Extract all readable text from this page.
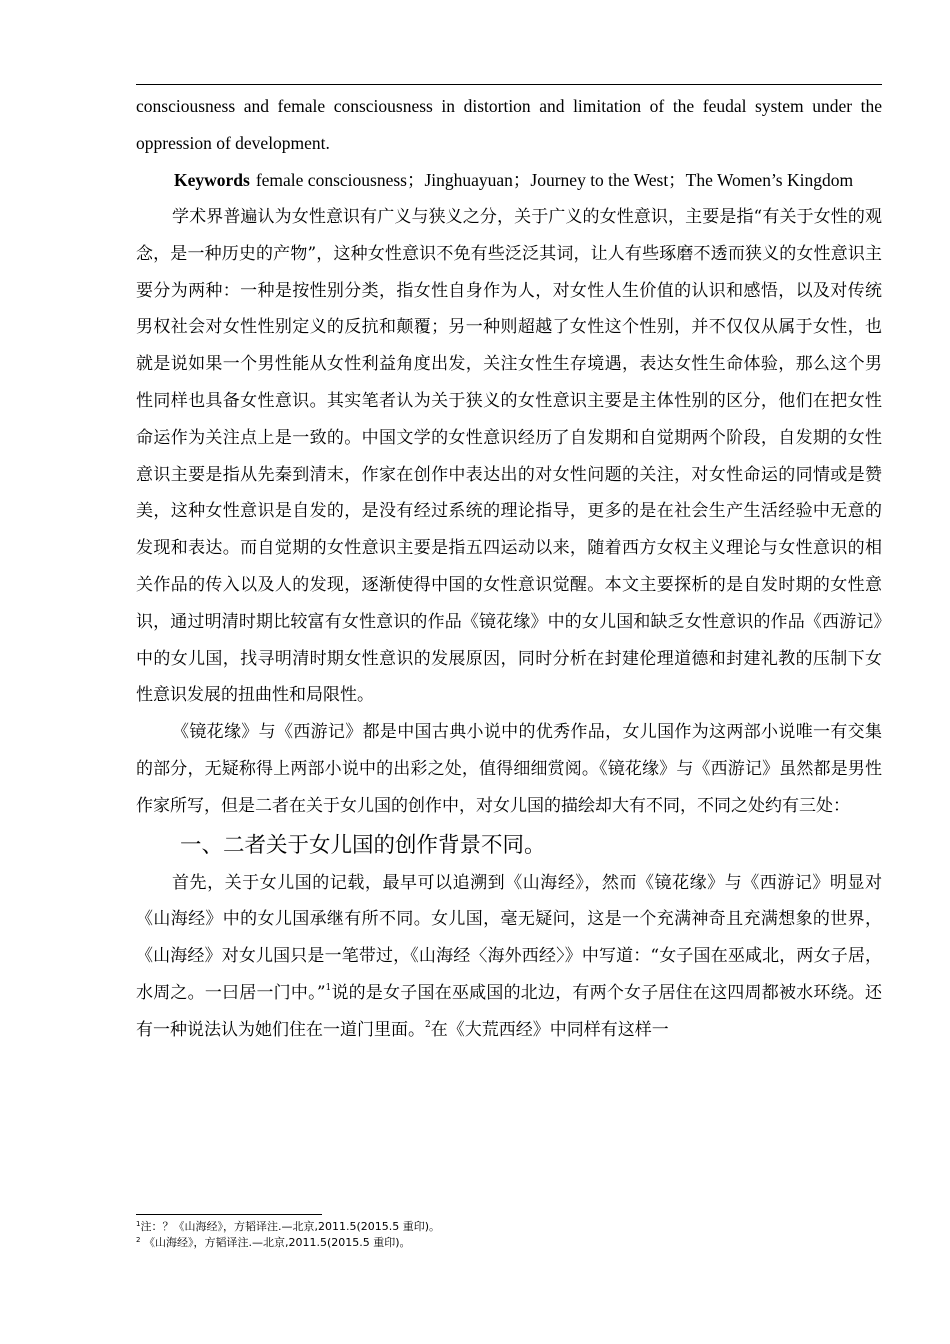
consciousness and female consciousness in distortion and limitation of the feudal system under the oppression of development.

Keywords female consciousness；Jinghuayuan；Journey to the West；The Women’s Kingdom

学术界普遍认为女性意识有广义与狭义之分，关于广义的女性意识，主要是指“有关于女性的观念，是一种历史的产物”，这种女性意识不免有些泛泛其词，让人有些琢磨不透而狭义的女性意识主要分为两种：一种是按性别分类，指女性自身作为人，对女性人生价值的认识和感悟，以及对传统男权社会对女性性别定义的反抗和颠覆；另一种则超越了女性这个性别，并不仅仅从属于女性，也就是说如果一个男性能从女性利益角度出发，关注女性生存境遇，表达女性生命体验，那么这个男性同样也具备女性意识。其实笔者认为关于狭义的女性意识主要是主体性别的区分，他们在把女性命运作为关注点上是一致的。中国文学的女性意识经历了自发期和自觉期两个阶段，自发期的女性意识主要是指从先秦到清末，作家在创作中表达出的对女性问题的关注，对女性命运的同情或是赞美，这种女性意识是自发的，是没有经过系统的理论指导，更多的是在社会生产生活经验中无意的发现和表达。而自觉期的女性意识主要是指五四运动以来，随着西方女权主义理论与女性意识的相关作品的传入以及人的发现，逐渐使得中国的女性意识觉醒。本文主要探析的是自发时期的女性意识，通过明清时期比较富有女性意识的作品《镜花缘》中的女儿国和缺乏女性意识的作品《西游记》中的女儿国，找寻明清时期女性意识的发展原因，同时分析在封建伦理道德和封建礼教的压制下女性意识发展的扭曲性和局限性。

《镜花缘》与《西游记》都是中国古典小说中的优秀作品，女儿国作为这两部小说唯一有交集的部分，无疑称得上两部小说中的出彩之处，值得细细赏阅。《镜花缘》与《西游记》虽然都是男性作家所写，但是二者在关于女儿国的创作中，对女儿国的描绘却大有不同，不同之处约有三处：

一、二者关于女儿国的创作背景不同。

首先，关于女儿国的记载，最早可以追溯到《山海经》，然而《镜花缘》与《西游记》明显对《山海经》中的女儿国承继有所不同。女儿国，毫无疑问，这是一个充满神奇且充满想象的世界，《山海经》对女儿国只是一笔带过，《山海经〈海外西经〉》中写道：“女子国在巫咸北，两女子居，水周之。一曰居一门中。”$^1$说的是女子国在巫咸国的北边，有两个女子居住在这四周都被水环绕。还有一种说法认为她们住在一道门里面。$^2$在《大荒西经》中同样有这样一

$^1$注：？《山海经》，方韬译注.—北京,2011.5(2015.5 重印)。

$^2$ 《山海经》，方韬译注.—北京,2011.5(2015.5 重印)。
